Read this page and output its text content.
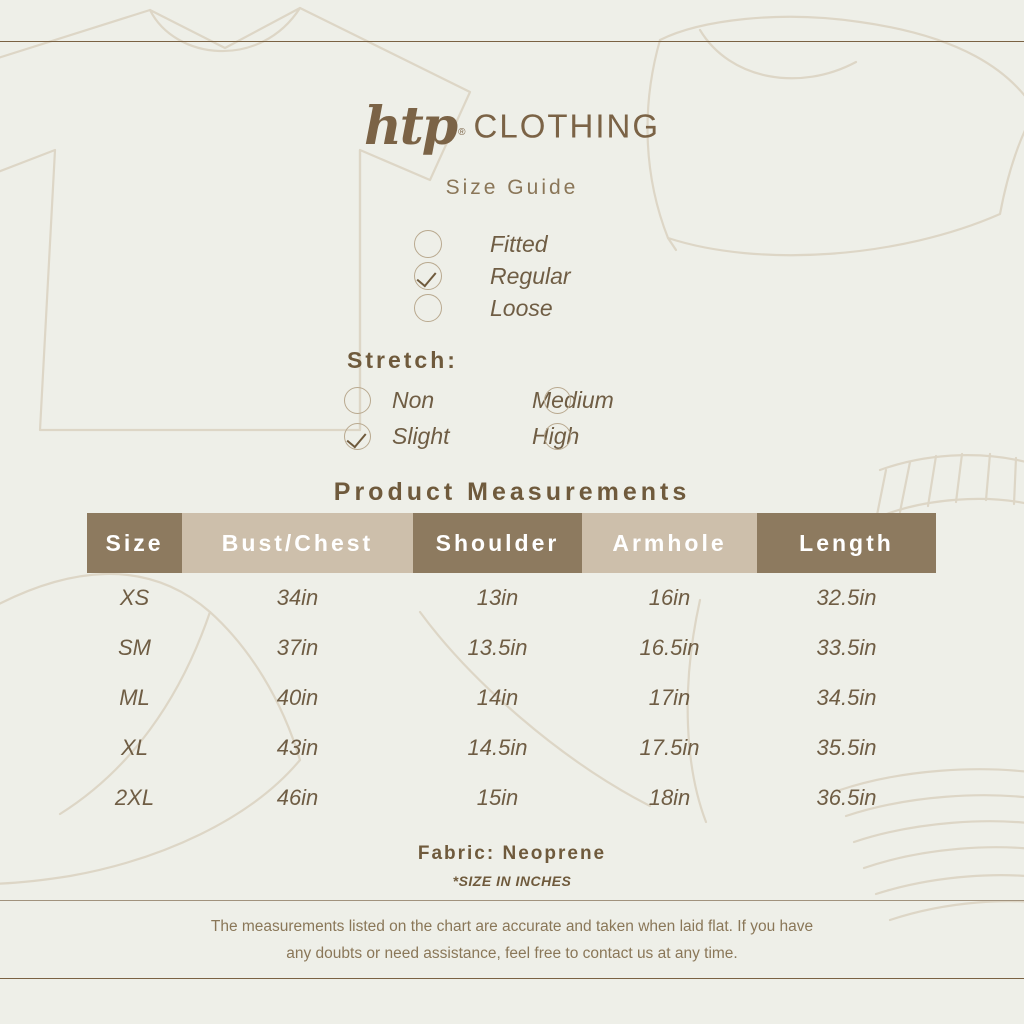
htp $_®$ CLOTHING
Size Guide
Fitted
Regular
Loose
Stretch:
Non	Medium
Slight	High
Product Measurements
Size	Bust/Chest	Shoulder	Armhole	Length
XS	34in	13in	16in	32.5in
SM	37in	13.5in	16.5in	33.5in
ML	40in	14in	17in	34.5in
XL	43in	14.5in	17.5in	35.5in
2XL	46in	15in	18in	36.5in
Fabric: Neoprene
*SIZE IN INCHES
The measurements listed on the chart are accurate and taken when laid flat. If you have
any doubts or need assistance, feel free to contact us at any time.
